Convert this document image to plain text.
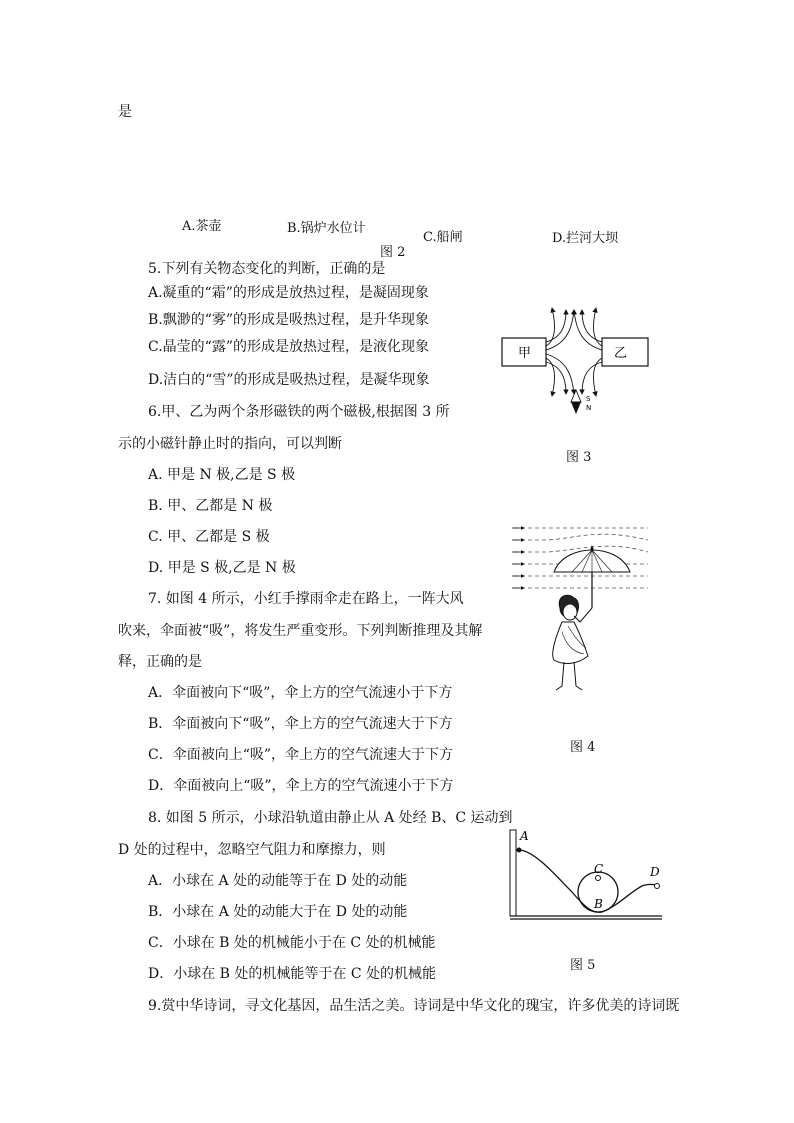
是
A.茶壶	B.锅炉水位计
C.船闸	D.拦河大坝
图 2
5.下列有关物态变化的判断，正确的是
A.凝重的“霜”的形成是放热过程，是凝固现象
B.飘渺的“雾”的形成是吸热过程，是升华现象
C.晶莹的“露”的形成是放热过程，是液化现象
D.洁白的“雪”的形成是吸热过程，是凝华现象
6.甲、乙为两个条形磁铁的两个磁极,根据图 3 所
示的小磁针静止时的指向，可以判断
A. 甲是 N 极,乙是 S 极
B. 甲、乙都是 N 极
C. 甲、乙都是 S 极
D. 甲是 S 极,乙是 N 极
甲	乙
S
N
图 3
7. 如图 4 所示，小红手撑雨伞走在路上，一阵大风
吹来，伞面被“吸”，将发生严重变形。下列判断推理及其解
释，正确的是
A．伞面被向下“吸”，伞上方的空气流速小于下方
B．伞面被向下“吸”，伞上方的空气流速大于下方
C．伞面被向上“吸”，伞上方的空气流速大于下方
D．伞面被向上“吸”，伞上方的空气流速小于下方
图 4
8. 如图 5 所示，小球沿轨道由静止从 A 处经 B、C 运动到
D 处的过程中，忽略空气阻力和摩擦力，则
A．小球在 A 处的动能等于在 D 处的动能
B．小球在 A 处的动能大于在 D 处的动能
C．小球在 B 处的机械能小于在 C 处的机械能
D．小球在 B 处的机械能等于在 C 处的机械能
A
B
C	D
图 5
9.赏中华诗词，寻文化基因，品生活之美。诗词是中华文化的瑰宝，许多优美的诗词既
